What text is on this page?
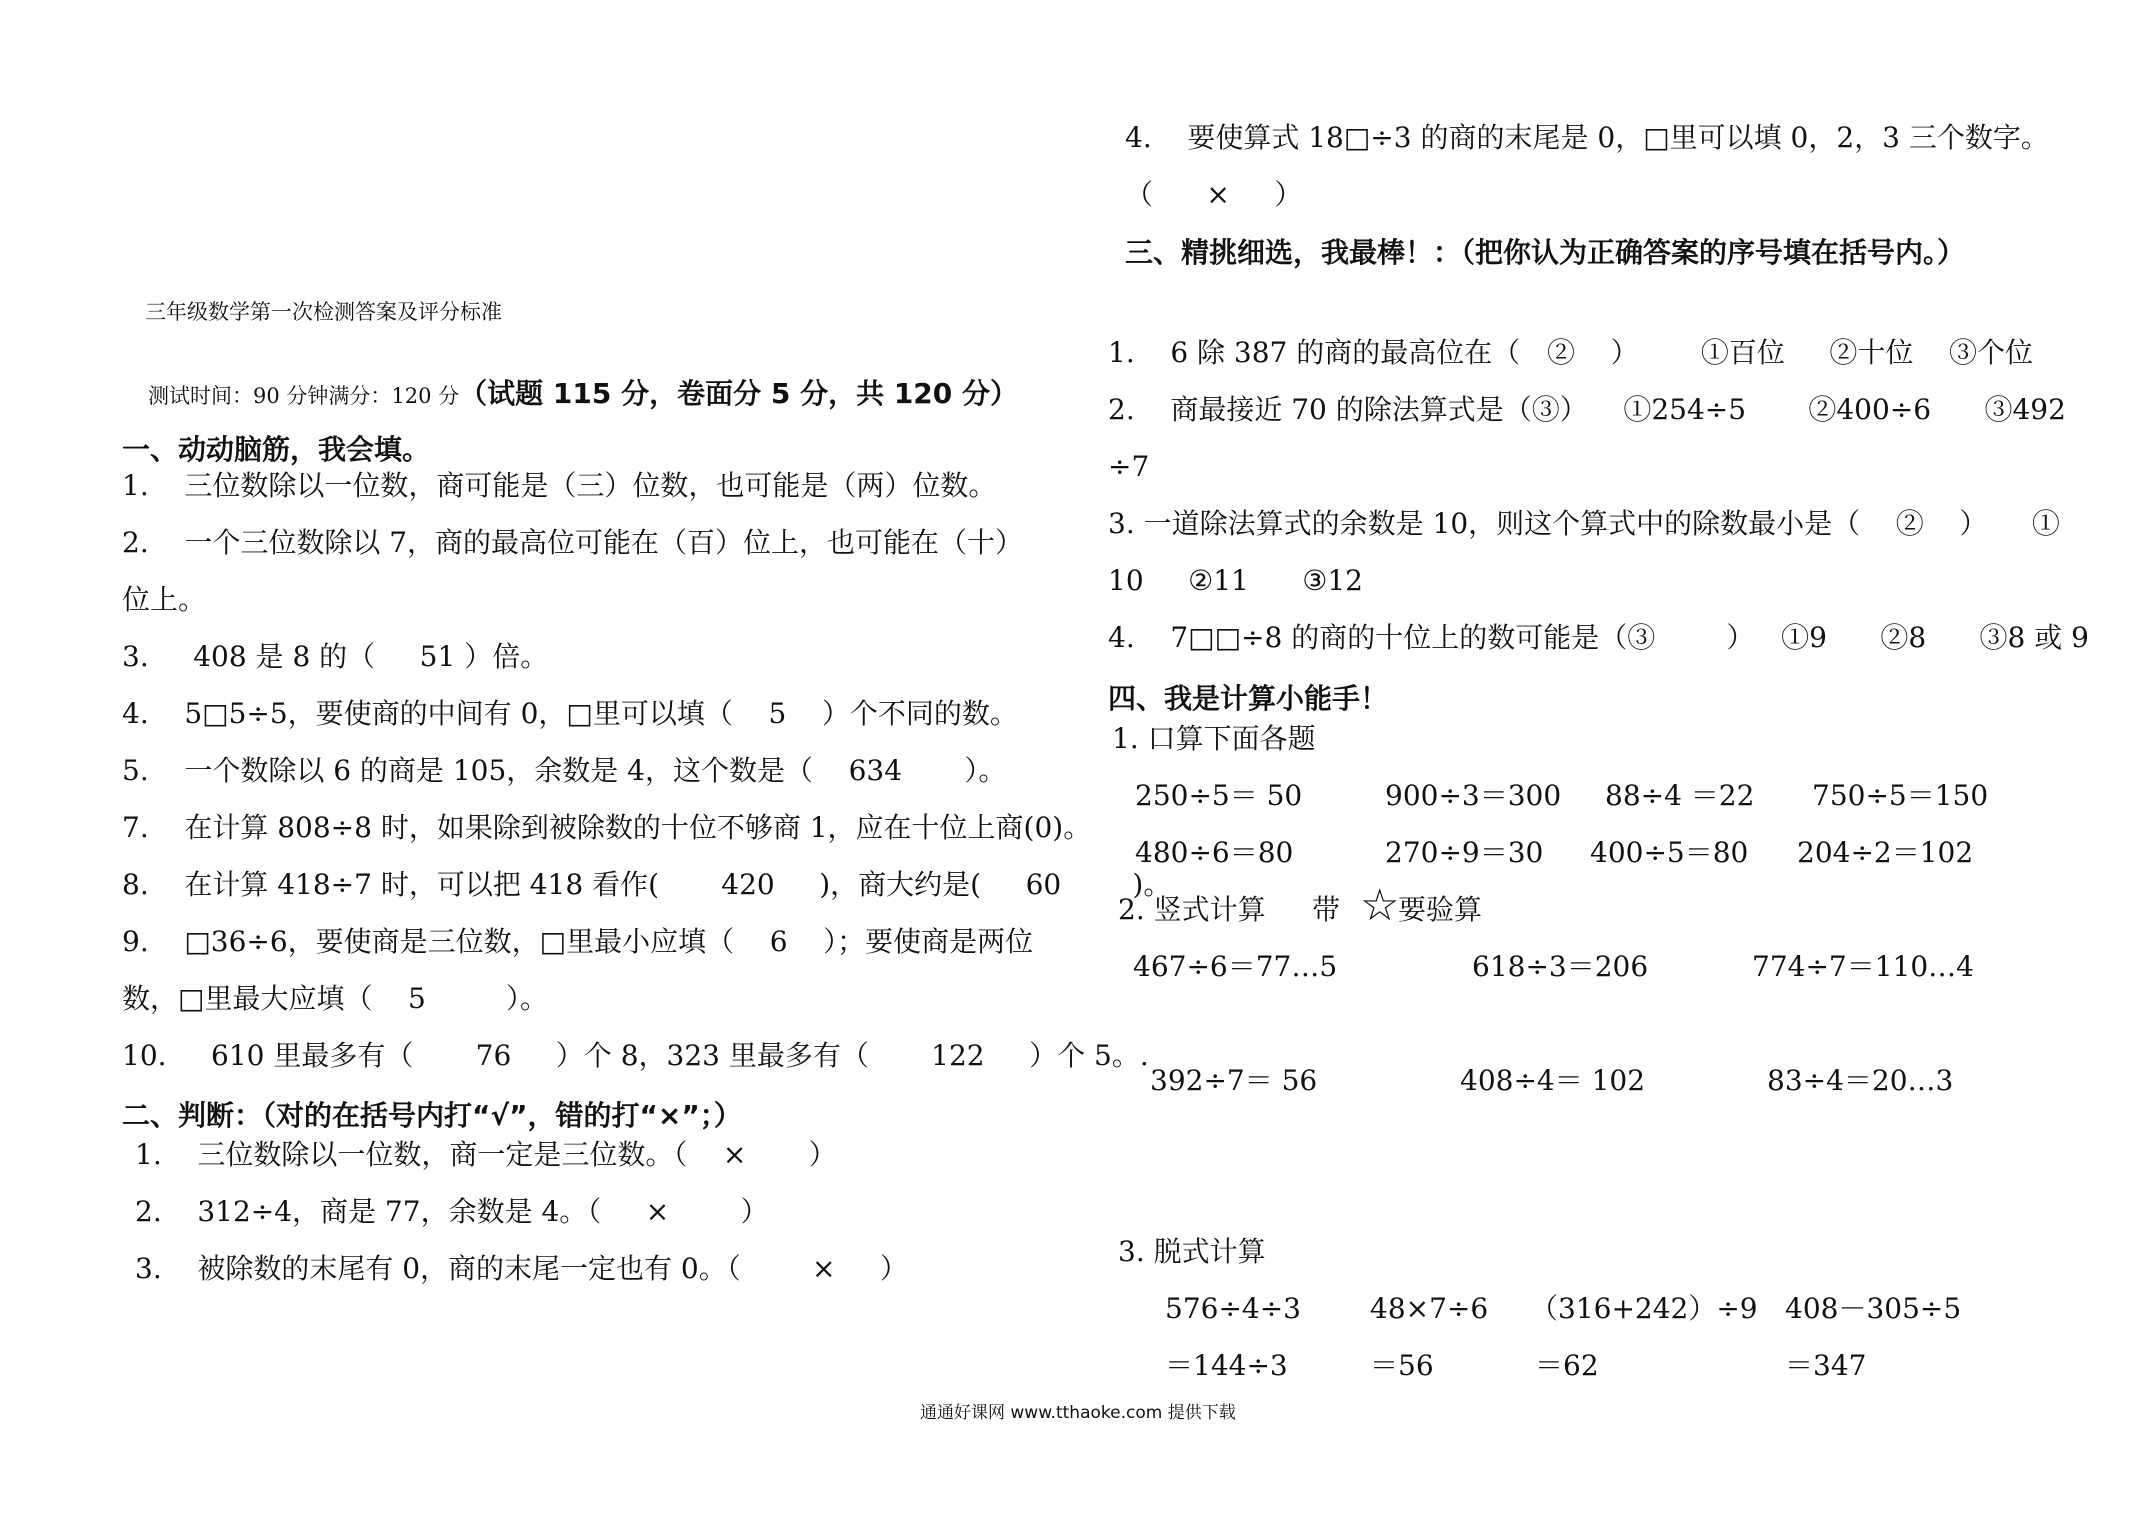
三年级数学第一次检测答案及评分标准
测试时间：90 分钟满分：120 分（试题 115 分，卷面分 5 分，共 120 分）
一、动动脑筋，我会填。
1.    三位数除以一位数，商可能是（三）位数，也可能是（两）位数。
2.    一个三位数除以 7，商的最高位可能在（百）位上，也可能在（十）
位上。
3.     408 是 8 的（     51 ）倍。
4.    5□5÷5，要使商的中间有 0，□里可以填（    5    ）个不同的数。
5.    一个数除以 6 的商是 105，余数是 4，这个数是（    634       ）。
7.    在计算 808÷8 时，如果除到被除数的十位不够商 1，应在十位上商(0)。
8.    在计算 418÷7 时，可以把 418 看作(       420     )，商大约是(     60        )。
9.    □36÷6，要使商是三位数，□里最小应填（    6    ）；要使商是两位
数，□里最大应填（    5         ）。
10.     610 里最多有（       76     ）个 8，323 里最多有（       122     ）个 5。.
二、判断：（对的在括号内打“√”，错的打“×”；）
1.    三位数除以一位数，商一定是三位数。（    ×       ）
2.    312÷4，商是 77，余数是 4。（     ×        ）
3.    被除数的末尾有 0，商的末尾一定也有 0。（        ×     ）
4.    要使算式 18□÷3 的商的末尾是 0，□里可以填 0，2，3 三个数字。
（      ×     ）
三、精挑细选，我最棒！：（把你认为正确答案的序号填在括号内。）
1.    6 除 387 的商的最高位在（   ②    ）       ①百位     ②十位    ③个位
2.    商最接近 70 的除法算式是（③）    ①254÷5       ②400÷6      ③492
÷7
3. 一道除法算式的余数是 10，则这个算式中的除数最小是（    ②    ）     ①
10     ②11      ③12
4.    7□□÷8 的商的十位上的数可能是（③        ）   ①9      ②8      ③8 或 9
四、我是计算小能手！
1. 口算下面各题
250÷5＝ 50	900÷3＝300 88÷4 ＝22 750÷5＝150
480÷6＝80	270÷9＝30 400÷5＝80 204÷2＝102
2. 竖式计算 带 ☆
要验算
467÷6＝77…5	618÷3＝206	774÷7＝110…4
392÷7＝ 56	408÷4＝ 102	83÷4＝20…3
3. 脱式计算
576÷4÷3 48×7÷6 （316+242）÷9 408－305÷5
＝144÷3	＝56	＝62	＝347
通通好课网 www.tthaoke.com 提供下载
